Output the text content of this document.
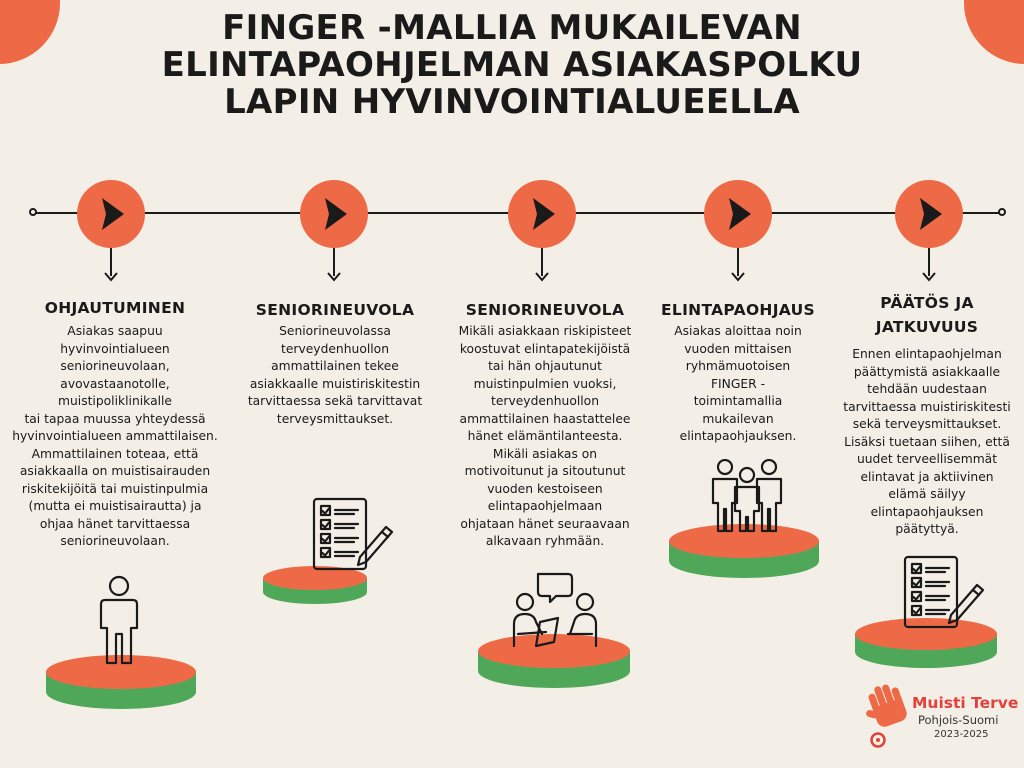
FINGER -MALLIA MUKAILEVAN
ELINTAPAOHJELMAN ASIAKASPOLKU
LAPIN HYVINVOINTIALUEELLA
OHJAUTUMINEN
Asiakas saapuu
hyvinvointialueen
seniorineuvolaan,
avovastaanotolle,
muistipoliklinikalle
tai tapaa muussa yhteydessä
hyvinvointialueen ammattilaisen.
Ammattilainen toteaa, että
asiakkaalla on muistisairauden
riskitekijöitä tai muistinpulmia
(mutta ei muistisairautta) ja
ohjaa hänet tarvittaessa
seniorineuvolaan.
SENIORINEUVOLA
Seniorineuvolassa
terveydenhuollon
ammattilainen tekee
asiakkaalle muistiriskitestin
tarvittaessa sekä tarvittavat
terveysmittaukset.
SENIORINEUVOLA
Mikäli asiakkaan riskipisteet
koostuvat elintapatekijöistä
tai hän ohjautunut
muistinpulmien vuoksi,
terveydenhuollon
ammattilainen haastattelee
hänet elämäntilanteesta.
Mikäli asiakas on
motivoitunut ja sitoutunut
vuoden kestoiseen
elintapaohjelmaan
ohjataan hänet seuraavaan
alkavaan ryhmään.
ELINTAPAOHJAUS
Asiakas aloittaa noin
vuoden mittaisen
ryhmämuotoisen
FINGER -
toimintamallia
mukailevan
elintapaohjauksen.
PÄÄTÖS JA
JATKUVUUS
Ennen elintapaohjelman
päättymistä asiakkaalle
tehdään uudestaan
tarvittaessa muistiriskitesti
sekä terveysmittaukset.
Lisäksi tuetaan siihen, että
uudet terveellisemmät
elintavat ja aktiivinen
elämä säilyy
elintapaohjauksen
päätyttyä.
Muisti Terve
Pohjois-Suomi
2023-2025
